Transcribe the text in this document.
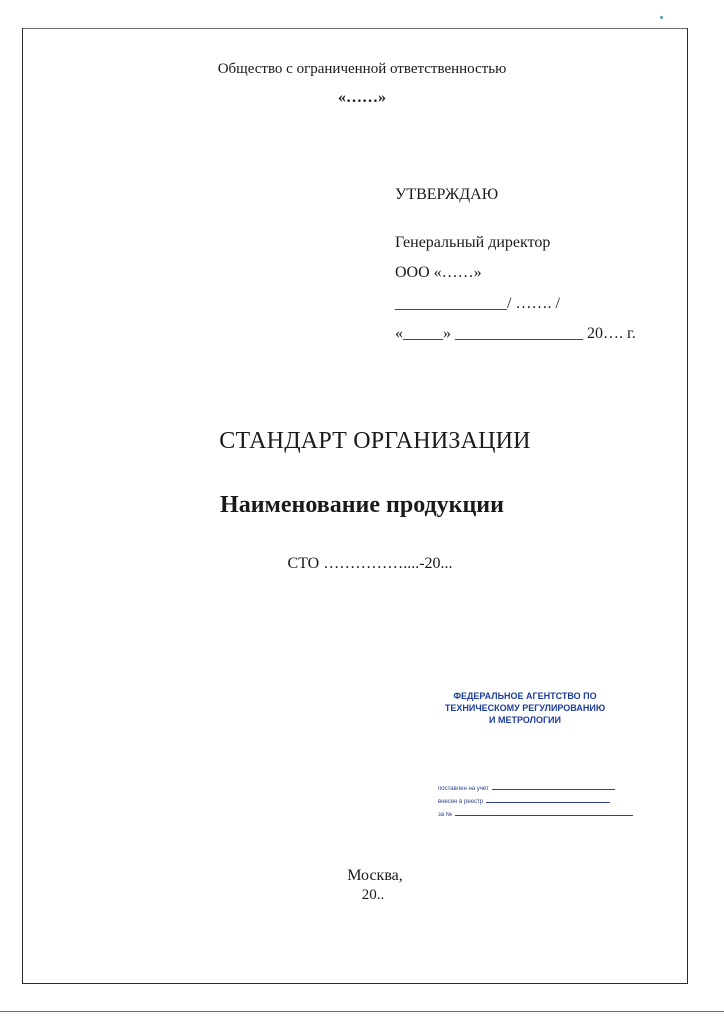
Общество с ограниченной ответственностью
«……»
УТВЕРЖДАЮ
Генеральный директор
ООО «……»
______________/ ……. /
«_____» ________________ 20…. г.
СТАНДАРТ ОРГАНИЗАЦИИ
Наименование продукции
СТО ……………....-20...
ФЕДЕРАЛЬНОЕ АГЕНТСТВО ПО
ТЕХНИЧЕСКОМУ РЕГУЛИРОВАНИЮ
И МЕТРОЛОГИИ
поставлен на учет
внесен в реестр
за №
Москва,
20..
